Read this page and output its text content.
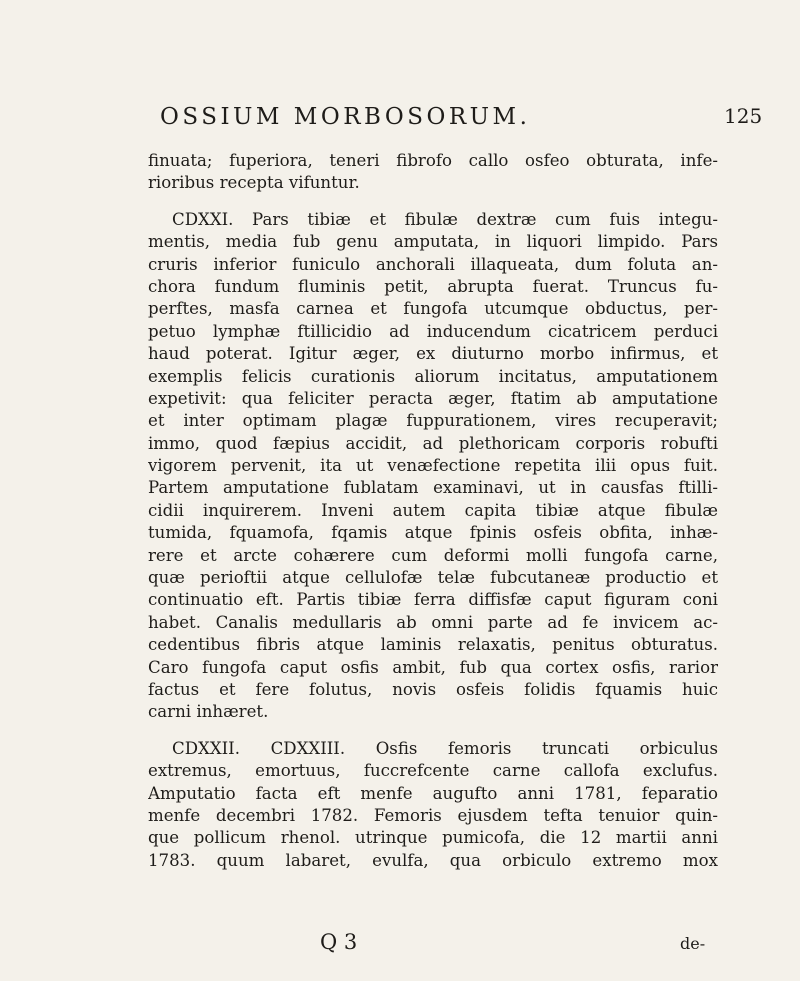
OSSIUM MORBOSORUM.	125
finuata; fuperiora, teneri fibrofo callo osfeo obturata, infe-
rioribus recepta vifuntur.
CDXXI. Pars tibiæ et fibulæ dextræ cum fuis integu-
mentis, media fub genu amputata, in liquori limpido. Pars
cruris inferior funiculo anchorali illaqueata, dum foluta an-
chora fundum fluminis petit, abrupta fuerat. Truncus fu-
perftes, masfa carnea et fungofa utcumque obductus, per-
petuo lymphæ ftillicidio ad inducendum cicatricem perduci
haud poterat. Igitur æger, ex diuturno morbo infirmus, et
exemplis felicis curationis aliorum incitatus, amputationem
expetivit: qua feliciter peracta æger, ftatim ab amputatione
et inter optimam plagæ fuppurationem, vires recuperavit;
immo, quod fæpius accidit, ad plethoricam corporis robufti
vigorem pervenit, ita ut venæfectione repetita ilii opus fuit.
Partem amputatione fublatam examinavi, ut in causfas ftilli-
cidii inquirerem. Inveni autem capita tibiæ atque fibulæ
tumida, fquamofa, fqamis atque fpinis osfeis obfita, inhæ-
rere et arcte cohærere cum deformi molli fungofa carne,
quæ perioftii atque cellulofæ telæ fubcutaneæ productio et
continuatio eft. Partis tibiæ ferra diffisfæ caput figuram coni
habet. Canalis medullaris ab omni parte ad fe invicem ac-
cedentibus fibris atque laminis relaxatis, penitus obturatus.
Caro fungofa caput osfis ambit, fub qua cortex osfis, rarior
factus et fere folutus, novis osfeis folidis fquamis huic
carni inhæret.
CDXXII. CDXXIII. Osfis femoris truncati orbiculus
extremus, emortuus, fuccrefcente carne callofa exclufus.
Amputatio facta eft menfe augufto anni 1781, feparatio
menfe decembri 1782. Femoris ejusdem tefta tenuior quin-
que pollicum rhenol. utrinque pumicofa, die 12 martii anni
1783. quum labaret, evulfa, qua orbiculo extremo mox
Q 3	de-
